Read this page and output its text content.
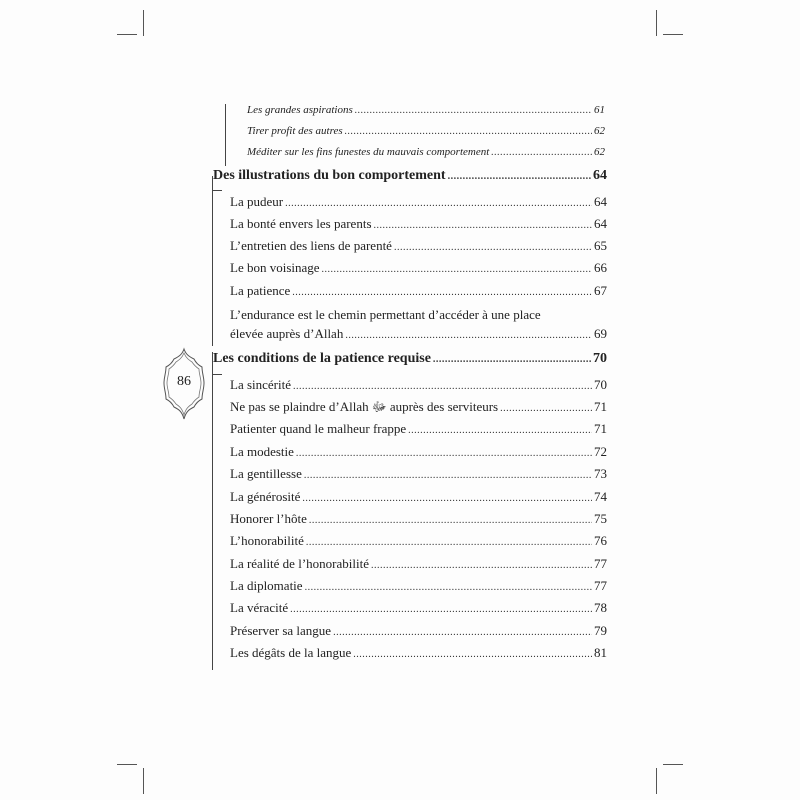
Les grandes aspirations .....	61
Tirer profit des autres .....	62
Méditer sur les fins funestes du mauvais comportement .....	62
Des illustrations du bon comportement .....	64
La pudeur .....	64
La bonté envers les parents .....	64
L’entretien des liens de parenté .....	65
Le bon voisinage .....	66
La patience .....	67
L’endurance est le chemin permettant d’accéder à une place
élevée auprès d’Allah .....	69
Les conditions de la patience requise .....	70
La sincérité .....	70
Ne pas se plaindre d’Allah ﷻ auprès des serviteurs .....	71
Patienter quand le malheur frappe .....	71
La modestie .....	72
La gentillesse .....	73
La générosité .....	74
Honorer l’hôte .....	75
L’honorabilité .....	76
La réalité de l’honorabilité .....	77
La diplomatie .....	77
La véracité .....	78
Préserver sa langue .....	79
Les dégâts de la langue .....	81
86
